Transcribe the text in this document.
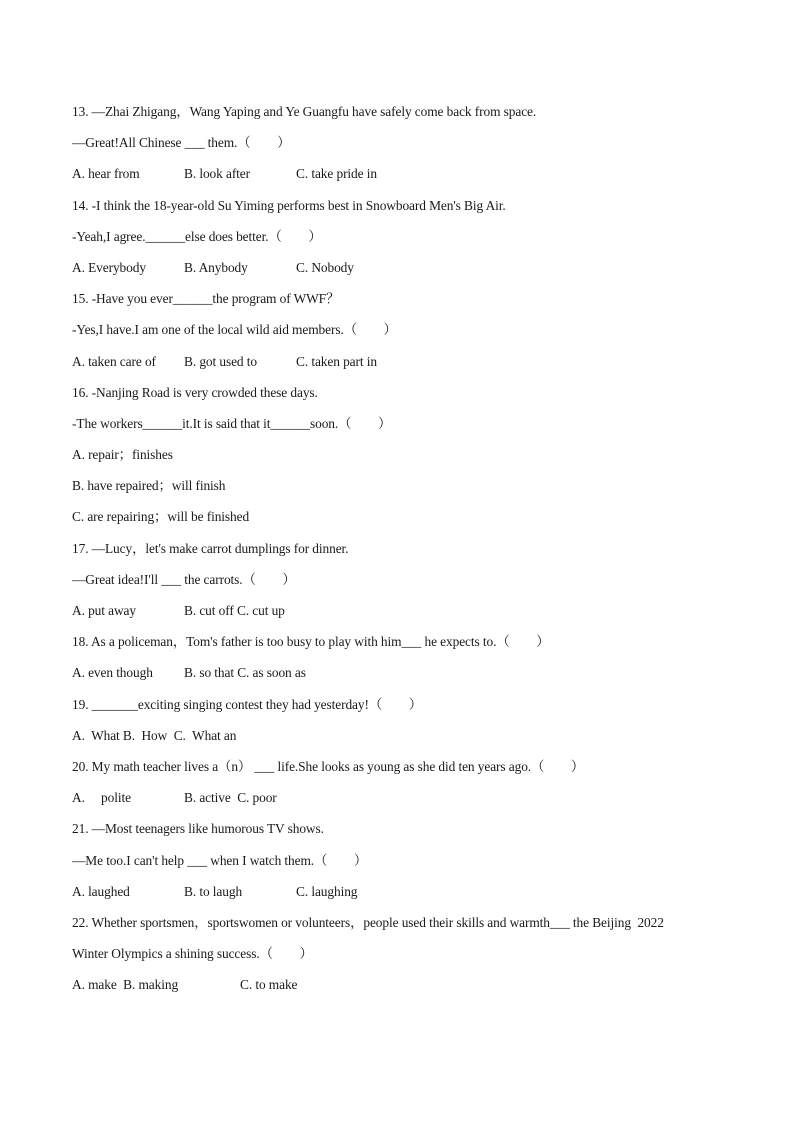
13. —Zhai Zhigang，Wang Yaping and Ye Guangfu have safely come back from space.
—Great!All Chinese ___ them.（　　）
A. hear from	B. look after	C. take pride in
14. -I think the 18-year-old Su Yiming performs best in Snowboard Men's Big Air.
-Yeah,I agree.______else does better.（　　）
A. Everybody	B. Anybody	C. Nobody
15. -Have you ever______the program of WWF？
-Yes,I have.I am one of the local wild aid members.（　　）
A. taken care of	B. got used to	C. taken part in
16. -Nanjing Road is very crowded these days.
-The workers______it.It is said that it______soon.（　　）
A. repair；finishes
B. have repaired；will finish
C. are repairing；will be finished
17. —Lucy，let's make carrot dumplings for dinner.
—Great idea!I'll ___ the carrots.（　　）
A. put away	B. cut off C. cut up
18. As a policeman，Tom's father is too busy to play with him___ he expects to.（　　）
A. even though	B. so that C. as soon as
19. _______exciting singing contest they had yesterday!（　　）
A.  What B.  How  C.  What an
20. My math teacher lives a（n） ___ life.She looks as young as she did ten years ago.（　　）
A.     polite	B. active  C. poor
21. —Most teenagers like humorous TV shows.
—Me too.I can't help ___ when I watch them.（　　）
A. laughed	B. to laugh	C. laughing
22. Whether sportsmen，sportswomen or volunteers，people used their skills and warmth___ the Beijing  2022
Winter Olympics a shining success.（　　）
A. make  B. making	C. to make
